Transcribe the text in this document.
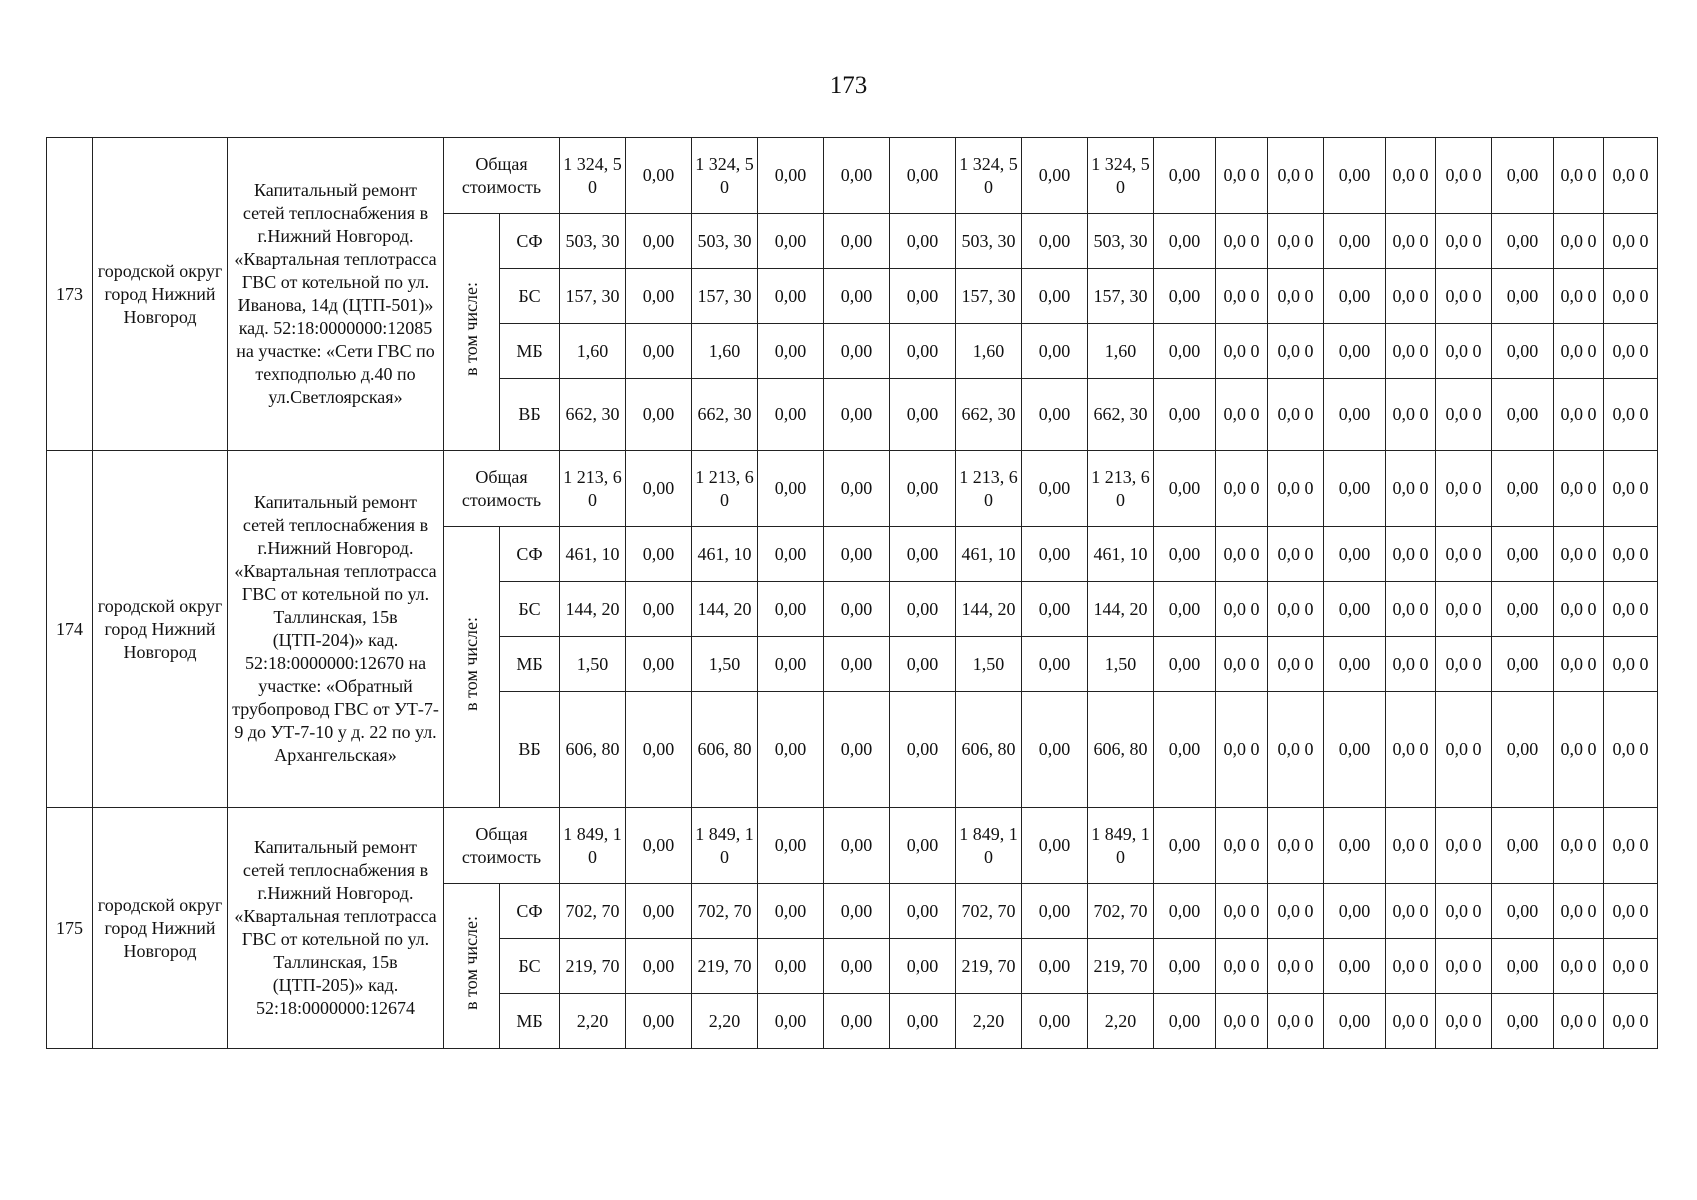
173
173	городской округ город Нижний Новгород	Капитальный ремонт сетей теплоснабжения в г.Нижний Новгород. «Квартальная теплотрасса ГВС от котельной по ул. Иванова, 14д (ЦТП-501)» кад. 52:18:0000000:12085 на участке: «Сети ГВС по техподполью д.40 по ул.Светлоярская»	Общая стоимость		1 324, 50	0,00	1 324, 50	0,00	0,00	0,00	1 324, 50	0,00	1 324, 50	0,00	0,0 0	0,0 0	0,00	0,0 0	0,0 0	0,00	0,0 0	0,0 0
			в том числе:	СФ	503, 30	0,00	503, 30	0,00	0,00	0,00	503, 30	0,00	503, 30	0,00	0,0 0	0,0 0	0,00	0,0 0	0,0 0	0,00	0,0 0	0,0 0
				БС	157, 30	0,00	157, 30	0,00	0,00	0,00	157, 30	0,00	157, 30	0,00	0,0 0	0,0 0	0,00	0,0 0	0,0 0	0,00	0,0 0	0,0 0
				МБ	1,60	0,00	1,60	0,00	0,00	0,00	1,60	0,00	1,60	0,00	0,0 0	0,0 0	0,00	0,0 0	0,0 0	0,00	0,0 0	0,0 0
				ВБ	662, 30	0,00	662, 30	0,00	0,00	0,00	662, 30	0,00	662, 30	0,00	0,0 0	0,0 0	0,00	0,0 0	0,0 0	0,00	0,0 0	0,0 0
174	городской округ город Нижний Новгород	Капитальный ремонт сетей теплоснабжения в г.Нижний Новгород. «Квартальная теплотрасса ГВС от котельной по ул. Таллинская, 15в (ЦТП-204)» кад. 52:18:0000000:12670 на участке: «Обратный трубопровод ГВС от УТ-7-9 до УТ-7-10 у д. 22 по ул. Архангельская»	Общая стоимость		1 213, 60	0,00	1 213, 60	0,00	0,00	0,00	1 213, 60	0,00	1 213, 60	0,00	0,0 0	0,0 0	0,00	0,0 0	0,0 0	0,00	0,0 0	0,0 0
			в том числе:	СФ	461, 10	0,00	461, 10	0,00	0,00	0,00	461, 10	0,00	461, 10	0,00	0,0 0	0,0 0	0,00	0,0 0	0,0 0	0,00	0,0 0	0,0 0
				БС	144, 20	0,00	144, 20	0,00	0,00	0,00	144, 20	0,00	144, 20	0,00	0,0 0	0,0 0	0,00	0,0 0	0,0 0	0,00	0,0 0	0,0 0
				МБ	1,50	0,00	1,50	0,00	0,00	0,00	1,50	0,00	1,50	0,00	0,0 0	0,0 0	0,00	0,0 0	0,0 0	0,00	0,0 0	0,0 0
				ВБ	606, 80	0,00	606, 80	0,00	0,00	0,00	606, 80	0,00	606, 80	0,00	0,0 0	0,0 0	0,00	0,0 0	0,0 0	0,00	0,0 0	0,0 0
175	городской округ город Нижний Новгород	Капитальный ремонт сетей теплоснабжения в г.Нижний Новгород. «Квартальная теплотрасса ГВС от котельной по ул. Таллинская, 15в (ЦТП-205)» кад. 52:18:0000000:12674	Общая стоимость		1 849, 10	0,00	1 849, 10	0,00	0,00	0,00	1 849, 10	0,00	1 849, 10	0,00	0,0 0	0,0 0	0,00	0,0 0	0,0 0	0,00	0,0 0	0,0 0
			в том числе:	СФ	702, 70	0,00	702, 70	0,00	0,00	0,00	702, 70	0,00	702, 70	0,00	0,0 0	0,0 0	0,00	0,0 0	0,0 0	0,00	0,0 0	0,0 0
				БС	219, 70	0,00	219, 70	0,00	0,00	0,00	219, 70	0,00	219, 70	0,00	0,0 0	0,0 0	0,00	0,0 0	0,0 0	0,00	0,0 0	0,0 0
				МБ	2,20	0,00	2,20	0,00	0,00	0,00	2,20	0,00	2,20	0,00	0,0 0	0,0 0	0,00	0,0 0	0,0 0	0,00	0,0 0	0,0 0
